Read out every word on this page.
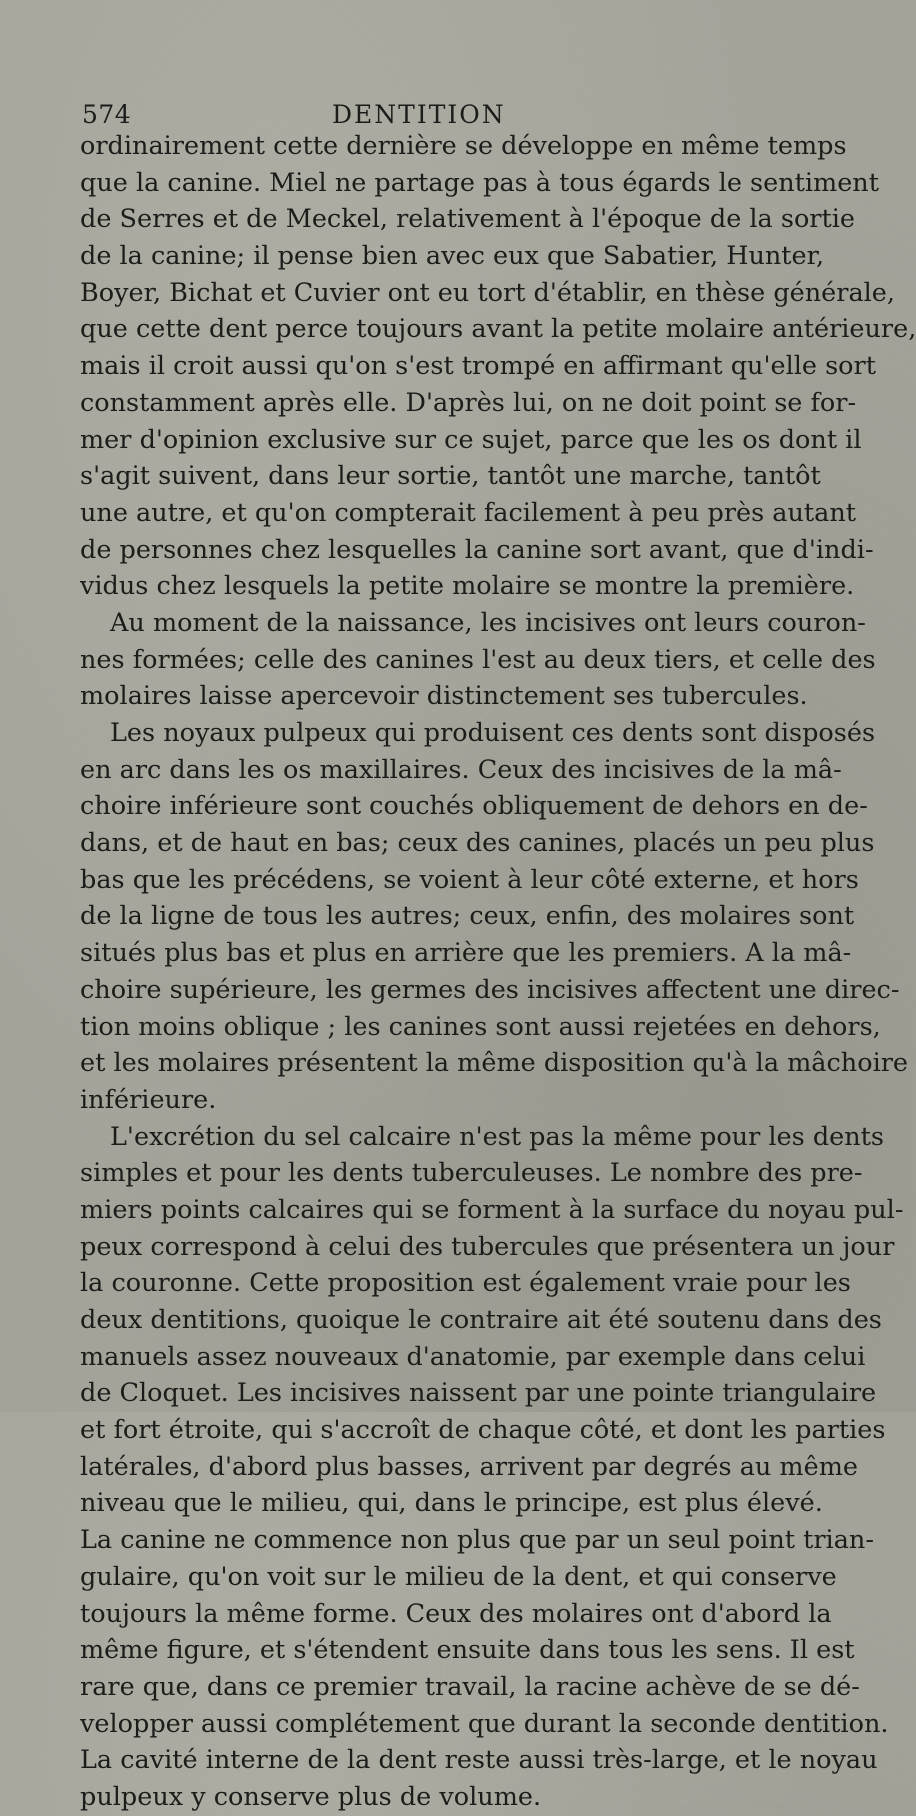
574	DENTITION
ordinairement cette dernière se développe en même temps
que la canine. Miel ne partage pas à tous égards le sentiment
de Serres et de Meckel, relativement à l'époque de la sortie
de la canine; il pense bien avec eux que Sabatier, Hunter,
Boyer, Bichat et Cuvier ont eu tort d'établir, en thèse générale,
que cette dent perce toujours avant la petite molaire antérieure,
mais il croit aussi qu'on s'est trompé en affirmant qu'elle sort
constamment après elle. D'après lui, on ne doit point se for-
mer d'opinion exclusive sur ce sujet, parce que les os dont il
s'agit suivent, dans leur sortie, tantôt une marche, tantôt
une autre, et qu'on compterait facilement à peu près autant
de personnes chez lesquelles la canine sort avant, que d'indi-
vidus chez lesquels la petite molaire se montre la première.
Au moment de la naissance, les incisives ont leurs couron-
nes formées; celle des canines l'est au deux tiers, et celle des
molaires laisse apercevoir distinctement ses tubercules.
Les noyaux pulpeux qui produisent ces dents sont disposés
en arc dans les os maxillaires. Ceux des incisives de la mâ-
choire inférieure sont couchés obliquement de dehors en de-
dans, et de haut en bas; ceux des canines, placés un peu plus
bas que les précédens, se voient à leur côté externe, et hors
de la ligne de tous les autres; ceux, enfin, des molaires sont
situés plus bas et plus en arrière que les premiers. A la mâ-
choire supérieure, les germes des incisives affectent une direc-
tion moins oblique ; les canines sont aussi rejetées en dehors,
et les molaires présentent la même disposition qu'à la mâchoire
inférieure.
L'excrétion du sel calcaire n'est pas la même pour les dents
simples et pour les dents tuberculeuses. Le nombre des pre-
miers points calcaires qui se forment à la surface du noyau pul-
peux correspond à celui des tubercules que présentera un jour
la couronne. Cette proposition est également vraie pour les
deux dentitions, quoique le contraire ait été soutenu dans des
manuels assez nouveaux d'anatomie, par exemple dans celui
de Cloquet. Les incisives naissent par une pointe triangulaire
et fort étroite, qui s'accroît de chaque côté, et dont les parties
latérales, d'abord plus basses, arrivent par degrés au même
niveau que le milieu, qui, dans le principe, est plus élevé.
La canine ne commence non plus que par un seul point trian-
gulaire, qu'on voit sur le milieu de la dent, et qui conserve
toujours la même forme. Ceux des molaires ont d'abord la
même figure, et s'étendent ensuite dans tous les sens. Il est
rare que, dans ce premier travail, la racine achève de se dé-
velopper aussi complétement que durant la seconde dentition.
La cavité interne de la dent reste aussi très-large, et le noyau
pulpeux y conserve plus de volume.
